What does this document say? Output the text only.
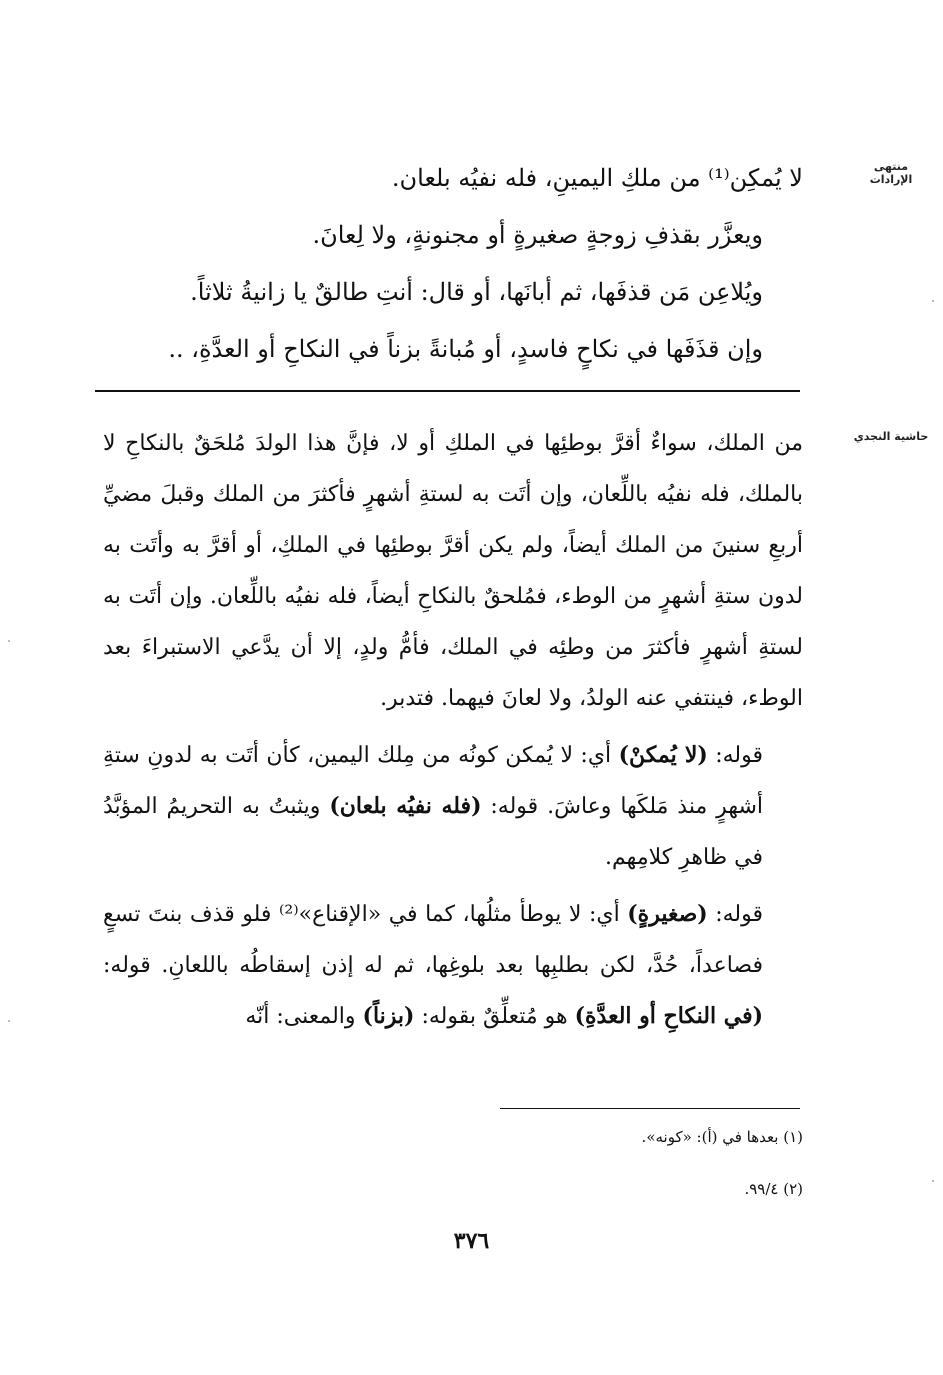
منتهى الإرادات

لا يُمكِن⁽¹⁾ من ملكِ اليمينِ، فله نفيُه بلعان.

ويعزَّر بقذفِ زوجةٍ صغيرةٍ أو مجنونةٍ، ولا لِعانَ.

ويُلاعِن مَن قذفَها، ثم أبانَها، أو قال: أنتِ طالقٌ يا زانيةُ ثلاثاً.

وإن قذَفَها في نكاحٍ فاسدٍ، أو مُبانةً بزناً في النكاحِ أو العدَّةِ، ..

حاشية النجدي

من الملك، سواءٌ أقرَّ بوطئِها في الملكِ أو لا، فإنَّ هذا الولدَ مُلحَقٌ بالنكاحِ لا بالملك، فله نفيُه باللِّعان، وإن أتَت به لستةِ أشهرٍ فأكثرَ من الملك وقبلَ مضيِّ أربعِ سنينَ من الملك أيضاً، ولم يكن أقرَّ بوطئِها في الملكِ، أو أقرَّ به وأتَت به لدون ستةِ أشهرٍ من الوطء، فمُلحقٌ بالنكاحِ أيضاً، فله نفيُه باللِّعان. وإن أتَت به لستةِ أشهرٍ فأكثرَ من وطئِه في الملك، فأمُّ ولدٍ، إلا أن يدَّعي الاستبراءَ بعد الوطء، فينتفي عنه الولدُ، ولا لعانَ فيهما. فتدبر.

قوله: (لا يُمكنْ) أي: لا يُمكن كونُه من مِلك اليمين، كأن أتَت به لدونِ ستةِ أشهرٍ منذ مَلكَها وعاشَ. قوله: (فله نفيُه بلعان) ويثبتُ به التحريمُ المؤبَّدُ في ظاهرِ كلامِهم.

قوله: (صغيرةٍ) أي: لا يوطأ مثلُها، كما في «الإقناع»⁽²⁾ فلو قذف بنتَ تسعٍ فصاعداً، حُدَّ، لكن بطلبِها بعد بلوغِها، ثم له إذن إسقاطُه باللعانِ. قوله: (في النكاحِ أو العدَّةِ) هو مُتعلِّقٌ بقوله: (بزناً) والمعنى: أنّه

(١) بعدها في (أ): «كونه».
(٢) ٩٩/٤.
٣٧٦
